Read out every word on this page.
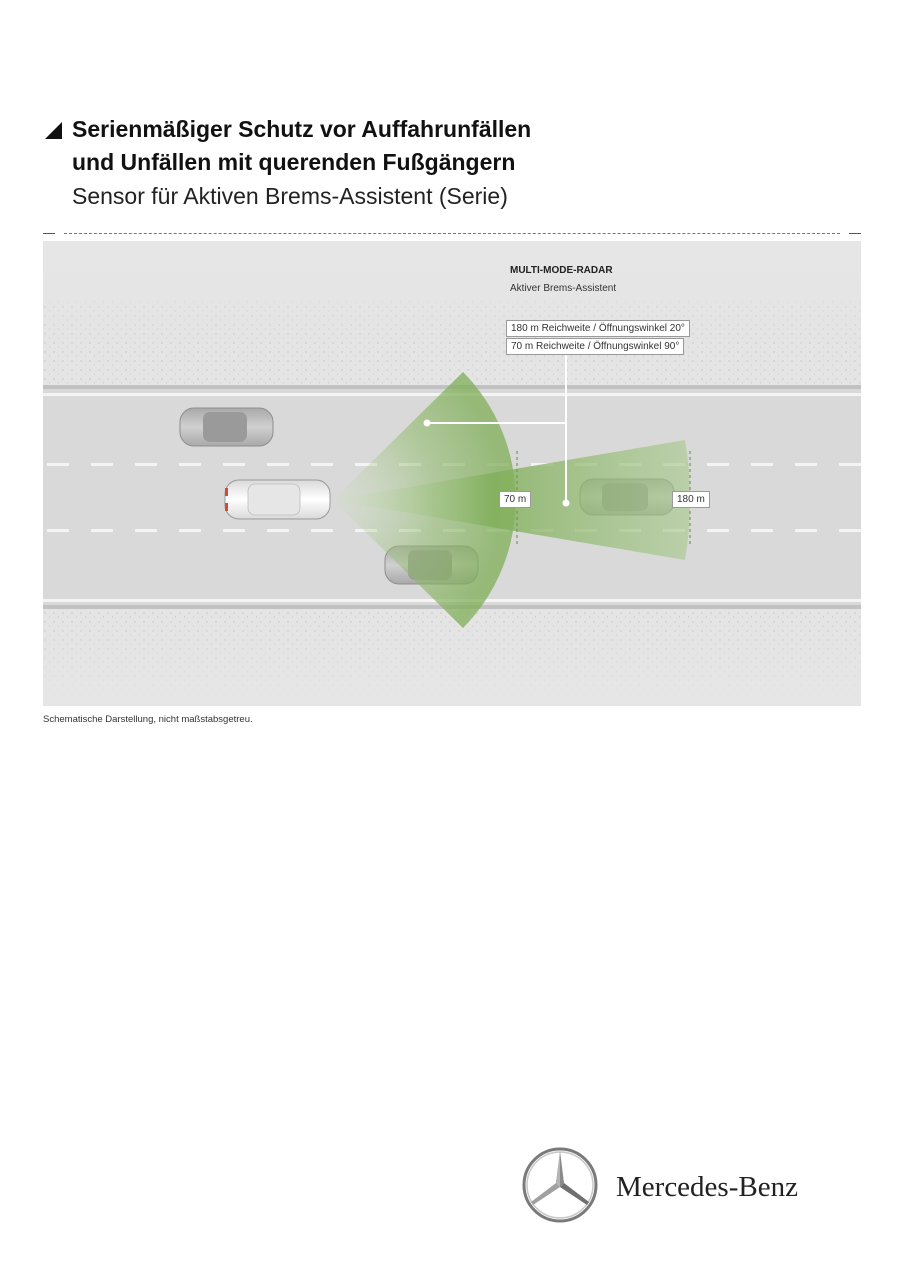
Serienmäßiger Schutz vor Auffahrunfällen
und Unfällen mit querenden Fußgängern
Sensor für Aktiven Brems-Assistent (Serie)
MULTI-MODE-RADAR
Aktiver Brems-Assistent
180 m Reichweite / Öffnungswinkel 20°
70 m Reichweite / Öffnungswinkel 90°
70 m	180 m
Schematische Darstellung, nicht maßstabsgetreu.
Mercedes-Benz
